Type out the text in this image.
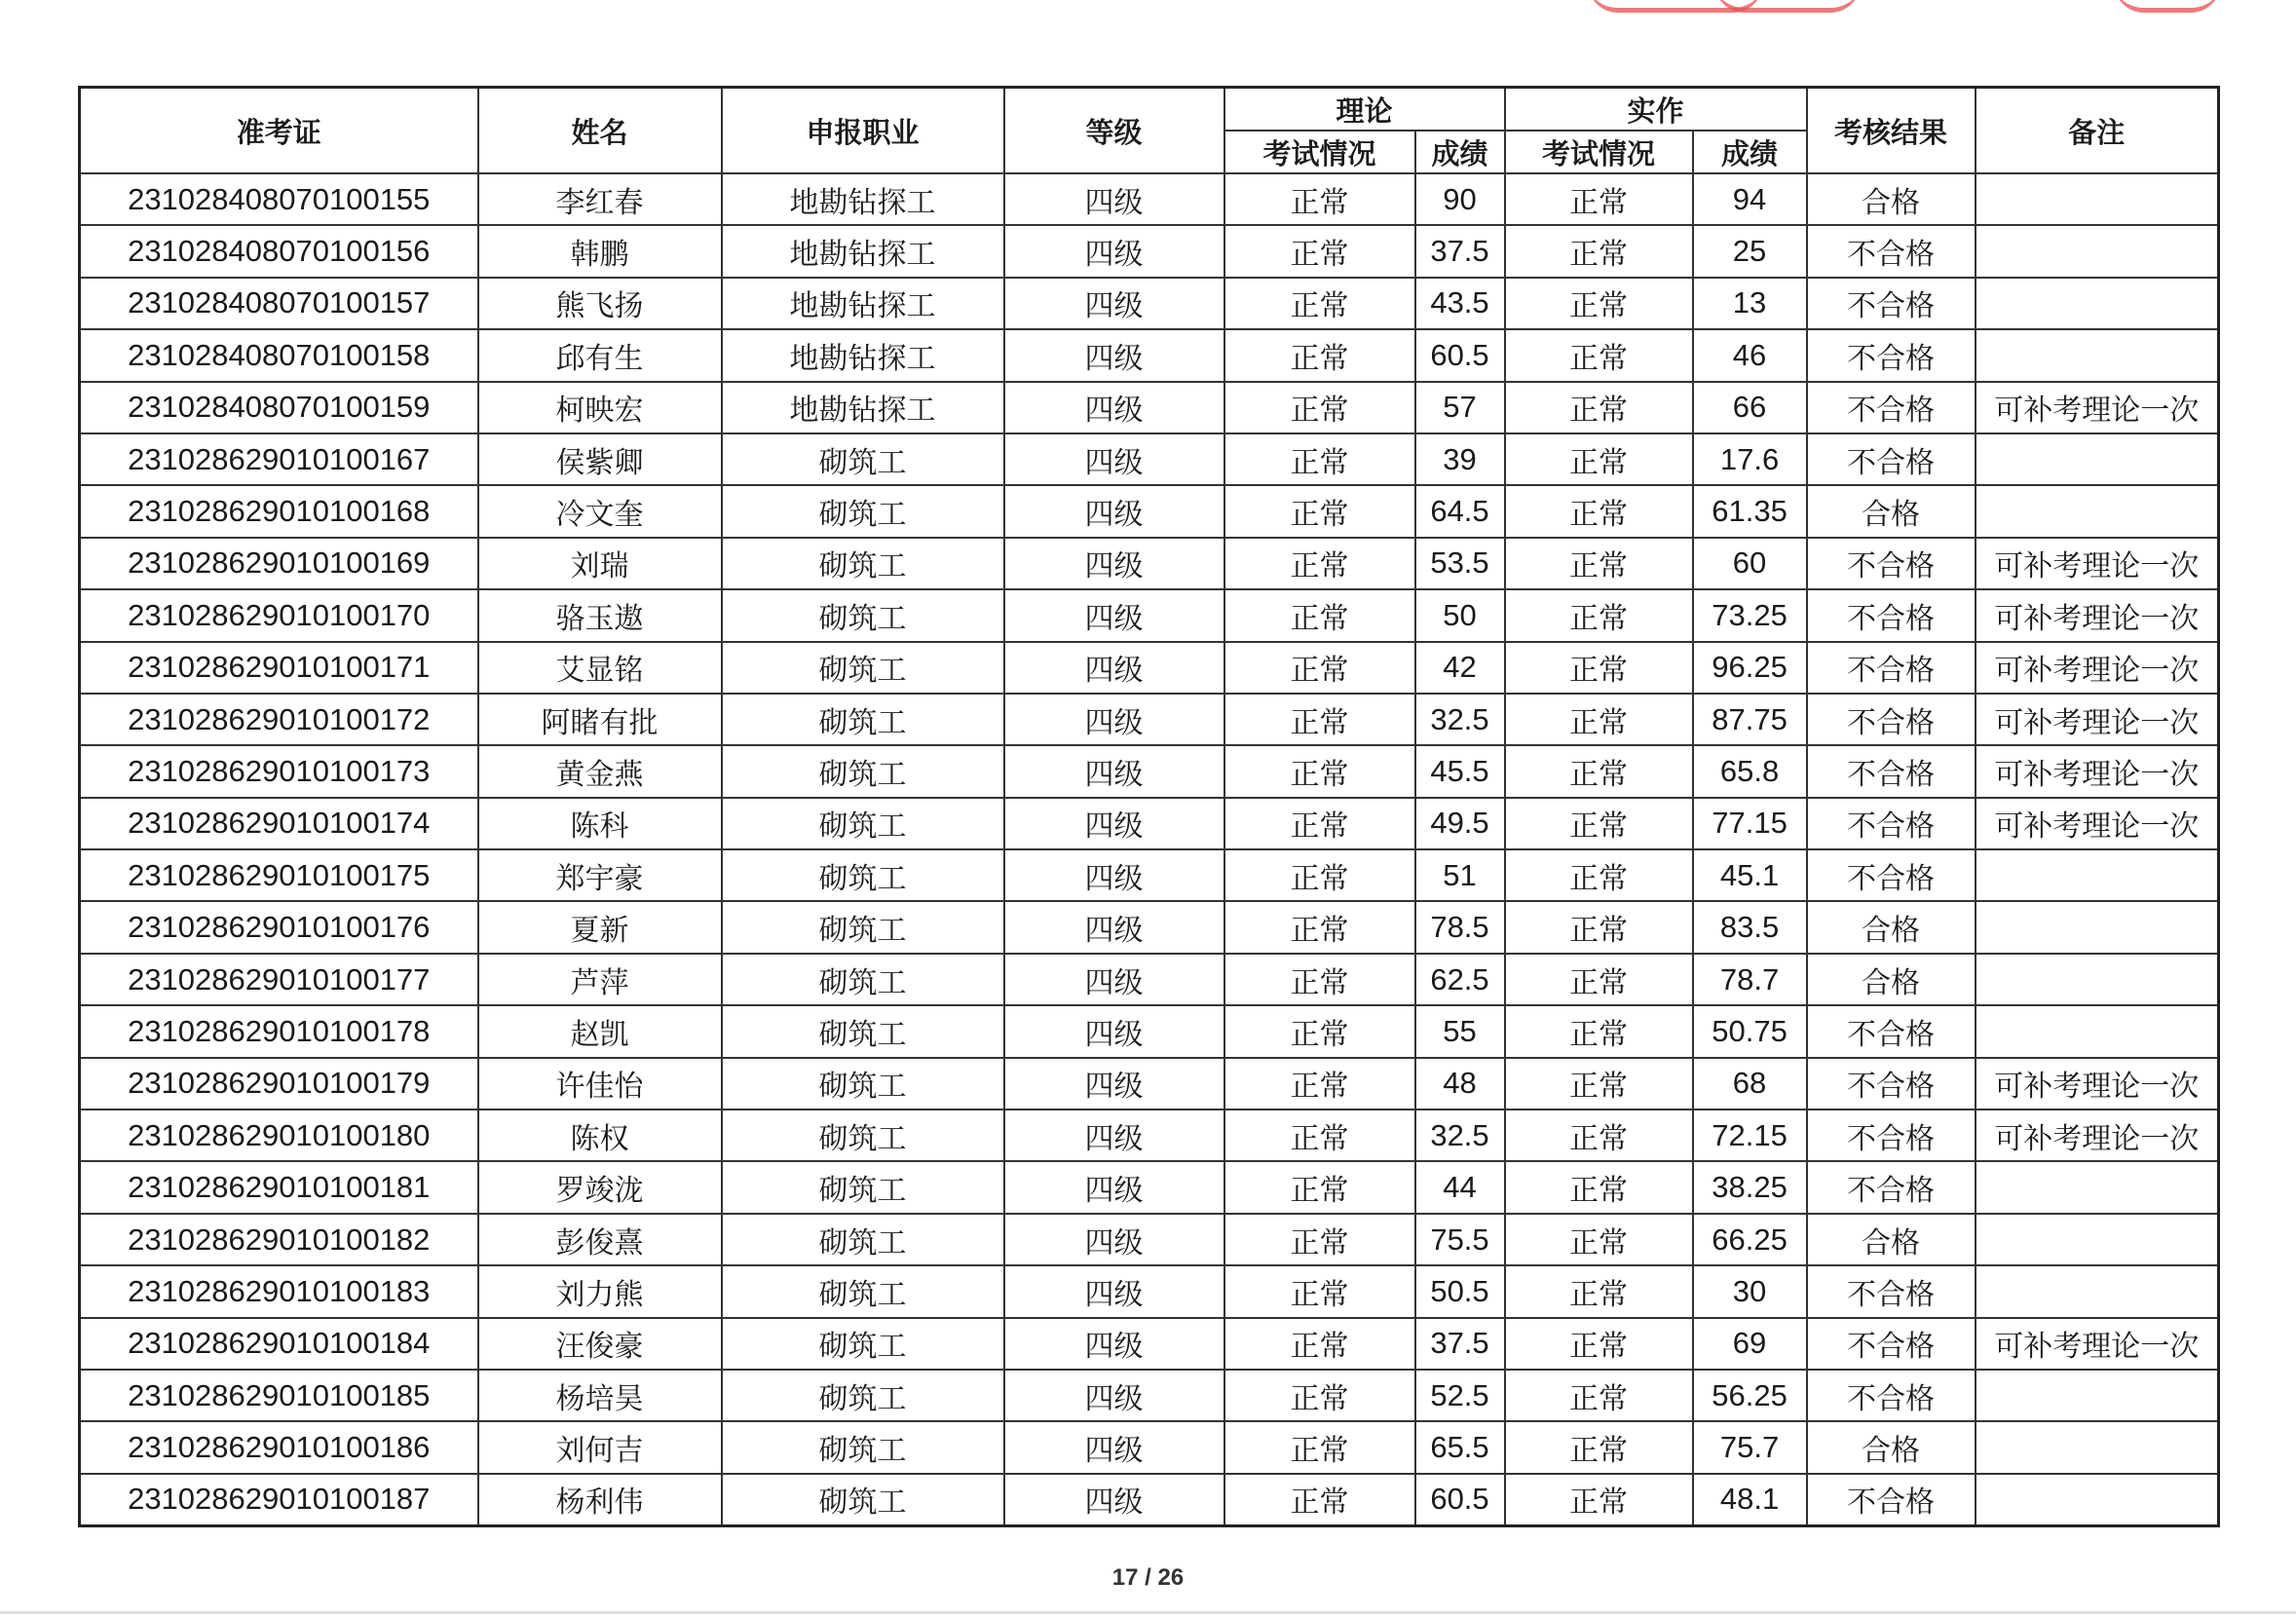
准考证	姓名	申报职业	等级	理论		实作		考核结果	备注
				考试情况	成绩	考试情况	成绩		
231028408070100155	李红春	地勘钻探工	四级	正常	90	正常	94	合格	
231028408070100156	韩鹏	地勘钻探工	四级	正常	37.5	正常	25	不合格	
231028408070100157	熊飞扬	地勘钻探工	四级	正常	43.5	正常	13	不合格	
231028408070100158	邱有生	地勘钻探工	四级	正常	60.5	正常	46	不合格	
231028408070100159	柯映宏	地勘钻探工	四级	正常	57	正常	66	不合格	可补考理论一次
231028629010100167	侯紫卿	砌筑工	四级	正常	39	正常	17.6	不合格	
231028629010100168	冷文奎	砌筑工	四级	正常	64.5	正常	61.35	合格	
231028629010100169	刘瑞	砌筑工	四级	正常	53.5	正常	60	不合格	可补考理论一次
231028629010100170	骆玉遨	砌筑工	四级	正常	50	正常	73.25	不合格	可补考理论一次
231028629010100171	艾显铭	砌筑工	四级	正常	42	正常	96.25	不合格	可补考理论一次
231028629010100172	阿睹有批	砌筑工	四级	正常	32.5	正常	87.75	不合格	可补考理论一次
231028629010100173	黄金燕	砌筑工	四级	正常	45.5	正常	65.8	不合格	可补考理论一次
231028629010100174	陈科	砌筑工	四级	正常	49.5	正常	77.15	不合格	可补考理论一次
231028629010100175	郑宇豪	砌筑工	四级	正常	51	正常	45.1	不合格	
231028629010100176	夏新	砌筑工	四级	正常	78.5	正常	83.5	合格	
231028629010100177	芦萍	砌筑工	四级	正常	62.5	正常	78.7	合格	
231028629010100178	赵凯	砌筑工	四级	正常	55	正常	50.75	不合格	
231028629010100179	许佳怡	砌筑工	四级	正常	48	正常	68	不合格	可补考理论一次
231028629010100180	陈权	砌筑工	四级	正常	32.5	正常	72.15	不合格	可补考理论一次
231028629010100181	罗竣泷	砌筑工	四级	正常	44	正常	38.25	不合格	
231028629010100182	彭俊熹	砌筑工	四级	正常	75.5	正常	66.25	合格	
231028629010100183	刘力熊	砌筑工	四级	正常	50.5	正常	30	不合格	
231028629010100184	汪俊豪	砌筑工	四级	正常	37.5	正常	69	不合格	可补考理论一次
231028629010100185	杨培昊	砌筑工	四级	正常	52.5	正常	56.25	不合格	
231028629010100186	刘何吉	砌筑工	四级	正常	65.5	正常	75.7	合格	
231028629010100187	杨利伟	砌筑工	四级	正常	60.5	正常	48.1	不合格	
17 / 26
